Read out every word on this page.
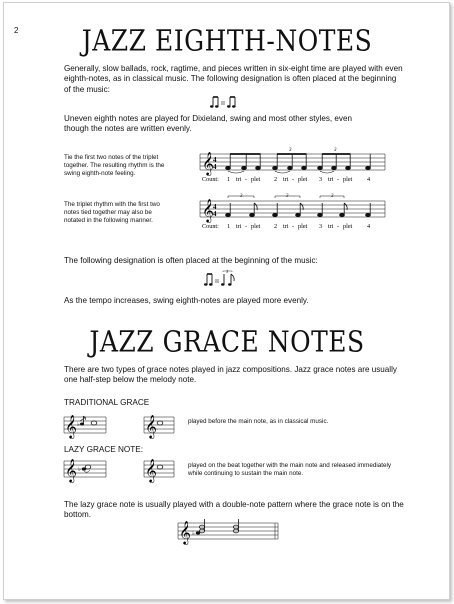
2	JAZZ EIGHTH-NOTES
Generally, slow ballads, rock, ragtime, and pieces written in six-eight time are played with even eighth-notes, as in classical music. The following designation is often placed at the beginning of the music:
Uneven eighth notes are played for Dixieland, swing and most other styles, even though the notes are written evenly.
Tie the first two notes of the triplet together. The resulting rhythm is the swing eighth-note feeling.	𝄞 4
4
3	3
Count: 1 tri - plet 2 tri - plet 3 tri - plet 4
The triplet rhythm with the first two notes tied together may also be notated in the following manner.	𝄞 4
4
3	3	3
Count: 1 tri - plet 2 tri - plet 3 tri - plet 4
The following designation is often placed at the beginning of the music:
3
As the tempo increases, swing eighth-notes are played more evenly.
JAZZ GRACE NOTES
There are two types of grace notes played in jazz compositions. Jazz grace notes are usually one half-step below the melody note.
TRADITIONAL GRACE
𝄞	𝄞
♭	played before the main note, as in classical music.
LAZY GRACE NOTE:
𝄞	𝄞
♭
played on the beat together with the main note and released immediately while continuing to sustain the main note.
The lazy grace note is usually played with a double-note pattern where the grace note is on the bottom.
𝄞 ♭
